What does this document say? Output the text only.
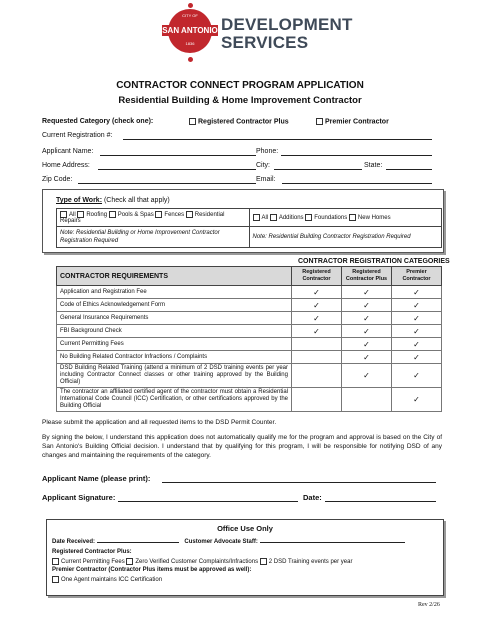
CITY OF
SAN ANTONIO
1836
DEVELOPMENT
SERVICES
CONTRACTOR CONNECT PROGRAM APPLICATION
Residential Building & Home Improvement Contractor
Requested Category (check one):	Registered Contractor Plus	Premier Contractor
Current Registration #:
Applicant Name:	Phone:
Home Address:	City:	State:
Zip Code:	Email:
Type of Work: (Check all that apply)
All Roofing Pools & Spas Fences Residential Repairs	All Additions Foundations New Homes
Note: Residential Building or Home Improvement Contractor Registration Required	Note: Residential Building Contractor Registration Required
CONTRACTOR REGISTRATION CATEGORIES
CONTRACTOR REQUIREMENTS	Registered Contractor	Registered Contractor Plus	Premier Contractor
Application and Registration Fee	✓	✓	✓
Code of Ethics Acknowledgement Form	✓	✓	✓
General Insurance Requirements	✓	✓	✓
FBI Background Check	✓	✓	✓
Current Permitting Fees		✓	✓
No Building Related Contractor Infractions / Complaints		✓	✓
DSD Building Related Training (attend a minimum of 2 DSD training events per year including Contractor Connect classes or other training approved by the Building Official)		✓	✓
The contractor an affiliated certified agent of the contractor must obtain a Residential International Code Council (ICC) Certification, or other certifications approved by the Building Official			✓
Please submit the application and all requested items to the DSD Permit Counter.
By signing the below, I understand this application does not automatically qualify me for the program and approval is based on the City of San Antonio's Building Official decision. I understand that by qualifying for this program, I will be responsible for notifying DSD of any changes and maintaining the requirements of the category.
Applicant Name (please print):
Applicant Signature:	Date:
Office Use Only
Date Received:	Customer Advocate Staff:
Registered Contractor Plus:
Current Permitting Fees Zero Verified Customer Complaints/Infractions 2 DSD Training events per year
Premier Contractor (Contractor Plus items must be approved as well):
One Agent maintains ICC Certification
Rev 2/26
